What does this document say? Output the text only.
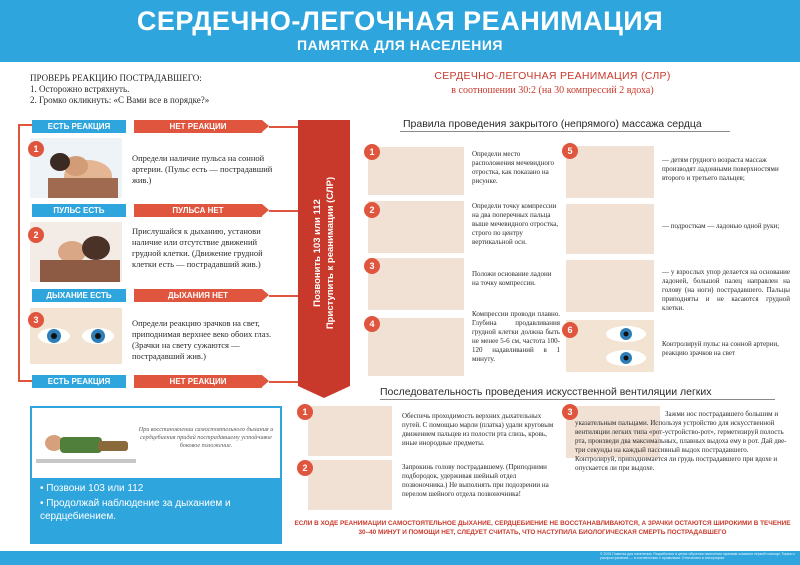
СЕРДЕЧНО-ЛЕГОЧНАЯ РЕАНИМАЦИЯ
ПАМЯТКА ДЛЯ НАСЕЛЕНИЯ
ПРОВЕРЬ РЕАКЦИЮ ПОСТРАДАВШЕГО:
1. Осторожно встряхнуть.
2. Громко окликнуть: «С Вами все в порядке?»
ЕСТЬ РЕАКЦИЯ	НЕТ РЕАКЦИИ
1
Определи наличие пульса на сонной артерии. (Пульс есть — пострадавший жив.)
ПУЛЬС ЕСТЬ	ПУЛЬСА НЕТ
2	Прислушайся к дыханию, установи наличие или отсутствие движений грудной клетки. (Движение грудной клетки есть — пострадавший жив.)
ДЫХАНИЕ ЕСТЬ	ДЫХАНИЯ НЕТ
3	Определи реакцию зрачков на свет, приподнимая верхнее веко обоих глаз. (Зрачки на свету сужаются — пострадавший жив.)
ЕСТЬ РЕАКЦИЯ	НЕТ РЕАКЦИИ
Позвонить 103 или 112 Приступить к реанимации (СЛР)
При восстановлении самостоятельного дыхания и сердцебиения придай пострадавшему устойчивое боковое положение.
• Позвони 103 или 112
• Продолжай наблюдение за дыханием и сердцебиением.
СЕРДЕЧНО-ЛЕГОЧНАЯ РЕАНИМАЦИЯ (СЛР)
в соотношении 30:2 (на 30 компрессий 2 вдоха)
Правила проведения закрытого (непрямого) массажа сердца
1	Определи место расположения мечевидного отростка, как показано на рисунке.
2	Определи точку компрессии на два поперечных пальца выше мечевидного отростка, строго по центру вертикальной оси.
3
Положи основание ладони на точку компрессии.
4
Компрессии проводи плавно. Глубина продавливания грудной клетки должна быть не менее 5-6 см, частота 100-120 надавливаний в 1 минуту.
5
— детям грудного возраста массаж производят ладонными поверхностями второго и третьего пальцев;
— подросткам — ладонью одной руки;
— у взрослых упор делается на основание ладоней, большой палец направлен на голову (на ноги) пострадавшего. Пальцы приподняты и не касаются грудной клетки.
6
Контролируй пульс на сонной артерии, реакцию зрачков на свет
Последовательность проведения искусственной вентиляции легких
1	Обеспечь проходимость верхних дыхательных путей. С помощью марли (платка) удали круговым движением пальцев из полости рта слизь, кровь, иные инородные предметы.
2	Запрокинь голову пострадавшему. (Приподними подбородок, удерживая шейный отдел позвоночника.) Не выполнять при подозрении на перелом шейного отдела позвоночника!
3	Зажми нос пострадавшего большим и указательным пальцами. Используя устройство для искусственной вентиляции легких типа «рот-устройство-рот», герметизируй полость рта, произведи два максимальных, плавных выдоха ему в рот. Дай две-три секунды на каждый пассивный выдох пострадавшего. Контролируй, приподнимается ли грудь пострадавшего при вдохе и опускается ли при выдохе.
ЕСЛИ В ХОДЕ РЕАНИМАЦИИ САМОСТОЯТЕЛЬНОЕ ДЫХАНИЕ, СЕРДЦЕБИЕНИЕ НЕ ВОССТАНАВЛИВАЮТСЯ, А ЗРАЧКИ ОСТАЮТСЯ ШИРОКИМИ В ТЕЧЕНИЕ 30–40 МИНУТ И ПОМОЩИ НЕТ, СЛЕДУЕТ СЧИТАТЬ, ЧТО НАСТУПИЛА БИОЛОГИЧЕСКАЯ СМЕРТЬ ПОСТРАДАВШЕГО
© 2024 Памятка для населения. Разработано в целях обучения населения приемам оказания первой помощи. Тираж и распространение — в соответствии с правилами. Отпечатано в типографии.
